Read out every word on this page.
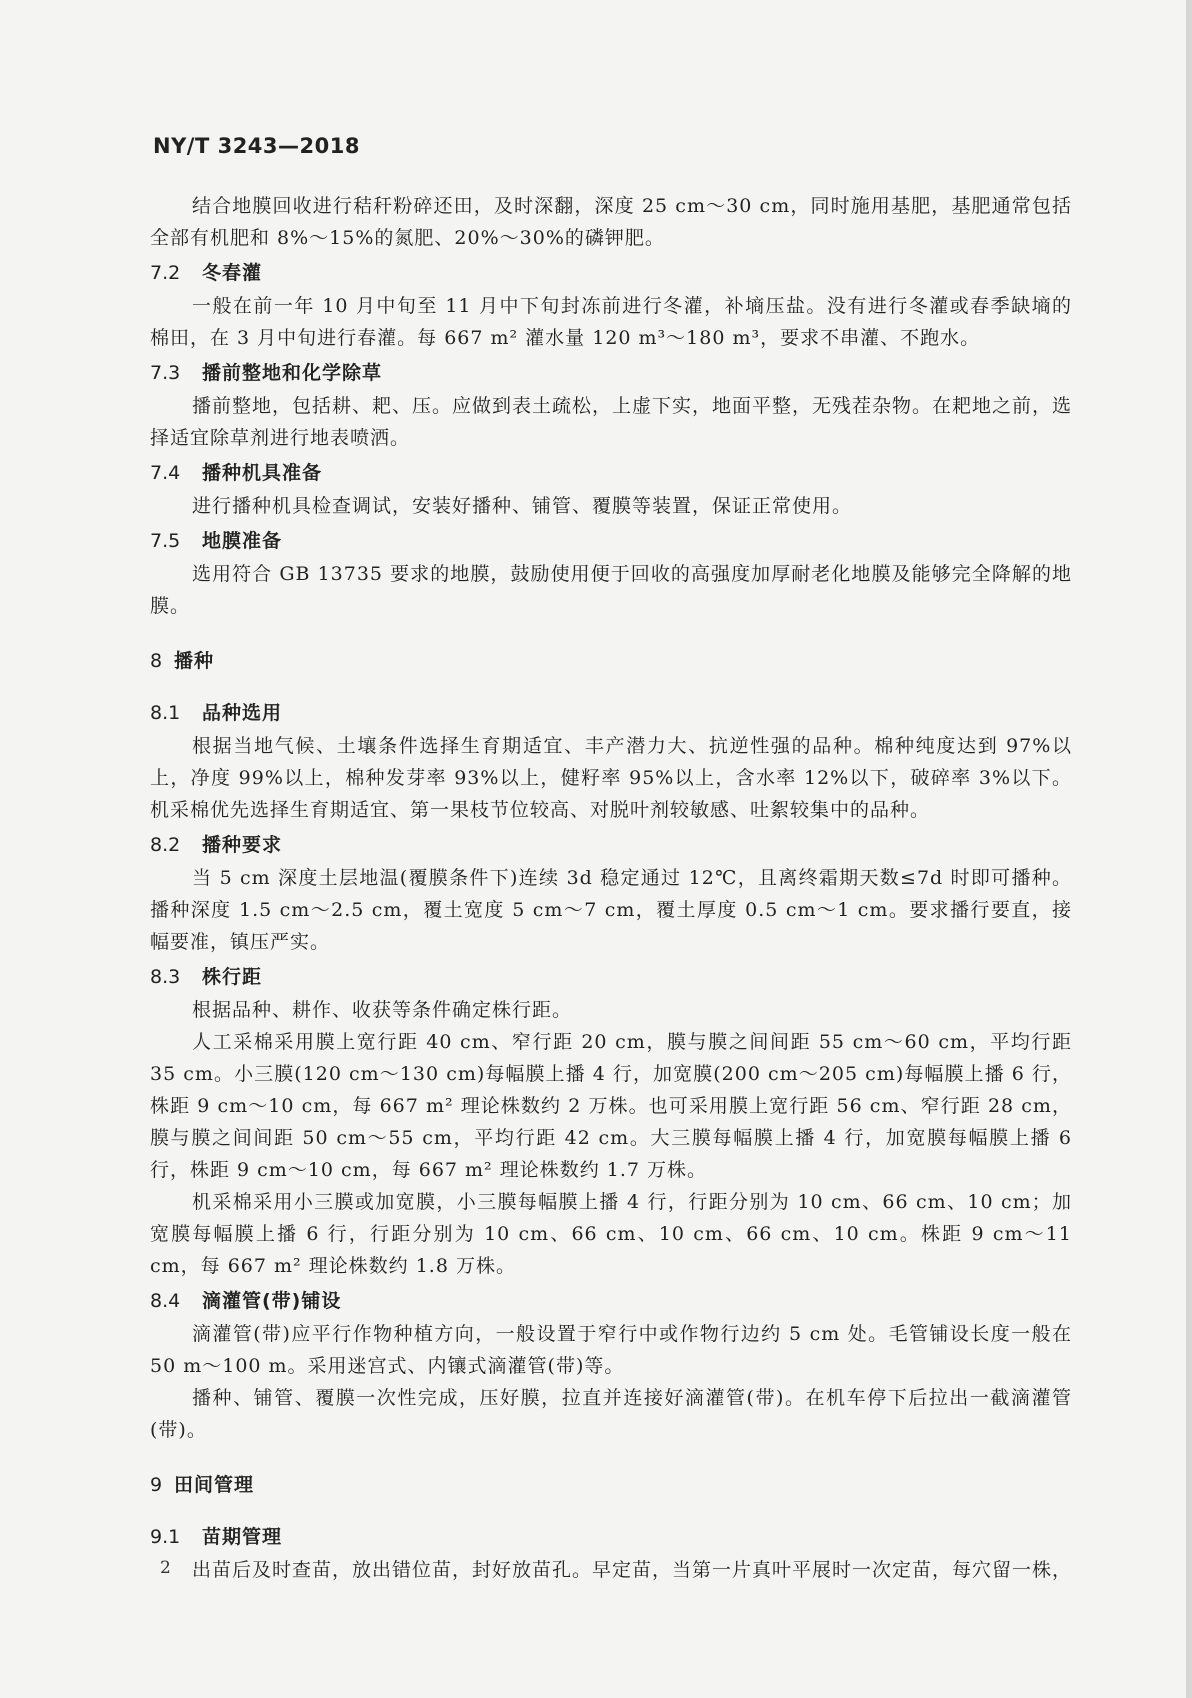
NY/T 3243—2018

结合地膜回收进行秸秆粉碎还田，及时深翻，深度 25 cm～30 cm，同时施用基肥，基肥通常包括全部有机肥和 8%～15%的氮肥、20%～30%的磷钾肥。

7.2 冬春灌

一般在前一年 10 月中旬至 11 月中下旬封冻前进行冬灌，补墒压盐。没有进行冬灌或春季缺墒的棉田，在 3 月中旬进行春灌。每 667 m² 灌水量 120 m³～180 m³，要求不串灌、不跑水。

7.3 播前整地和化学除草

播前整地，包括耕、耙、压。应做到表土疏松，上虚下实，地面平整，无残茬杂物。在耙地之前，选择适宜除草剂进行地表喷洒。

7.4 播种机具准备

进行播种机具检查调试，安装好播种、铺管、覆膜等装置，保证正常使用。

7.5 地膜准备

选用符合 GB 13735 要求的地膜，鼓励使用便于回收的高强度加厚耐老化地膜及能够完全降解的地膜。

8 播种
8.1 品种选用

根据当地气候、土壤条件选择生育期适宜、丰产潜力大、抗逆性强的品种。棉种纯度达到 97%以上，净度 99%以上，棉种发芽率 93%以上，健籽率 95%以上，含水率 12%以下，破碎率 3%以下。机采棉优先选择生育期适宜、第一果枝节位较高、对脱叶剂较敏感、吐絮较集中的品种。

8.2 播种要求

当 5 cm 深度土层地温(覆膜条件下)连续 3d 稳定通过 12℃，且离终霜期天数≤7d 时即可播种。播种深度 1.5 cm～2.5 cm，覆土宽度 5 cm～7 cm，覆土厚度 0.5 cm～1 cm。要求播行要直，接幅要准，镇压严实。

8.3 株行距

根据品种、耕作、收获等条件确定株行距。

人工采棉采用膜上宽行距 40 cm、窄行距 20 cm，膜与膜之间间距 55 cm～60 cm，平均行距 35 cm。小三膜(120 cm～130 cm)每幅膜上播 4 行，加宽膜(200 cm～205 cm)每幅膜上播 6 行，株距 9 cm～10 cm，每 667 m² 理论株数约 2 万株。也可采用膜上宽行距 56 cm、窄行距 28 cm，膜与膜之间间距 50 cm～55 cm，平均行距 42 cm。大三膜每幅膜上播 4 行，加宽膜每幅膜上播 6 行，株距 9 cm～10 cm，每 667 m² 理论株数约 1.7 万株。

机采棉采用小三膜或加宽膜，小三膜每幅膜上播 4 行，行距分别为 10 cm、66 cm、10 cm；加宽膜每幅膜上播 6 行，行距分别为 10 cm、66 cm、10 cm、66 cm、10 cm。株距 9 cm～11 cm，每 667 m² 理论株数约 1.8 万株。

8.4 滴灌管(带)铺设

滴灌管(带)应平行作物种植方向，一般设置于窄行中或作物行边约 5 cm 处。毛管铺设长度一般在 50 m～100 m。采用迷宫式、内镶式滴灌管(带)等。

播种、铺管、覆膜一次性完成，压好膜，拉直并连接好滴灌管(带)。在机车停下后拉出一截滴灌管(带)。

9 田间管理
9.1 苗期管理

出苗后及时查苗，放出错位苗，封好放苗孔。早定苗，当第一片真叶平展时一次定苗，每穴留一株，

2
